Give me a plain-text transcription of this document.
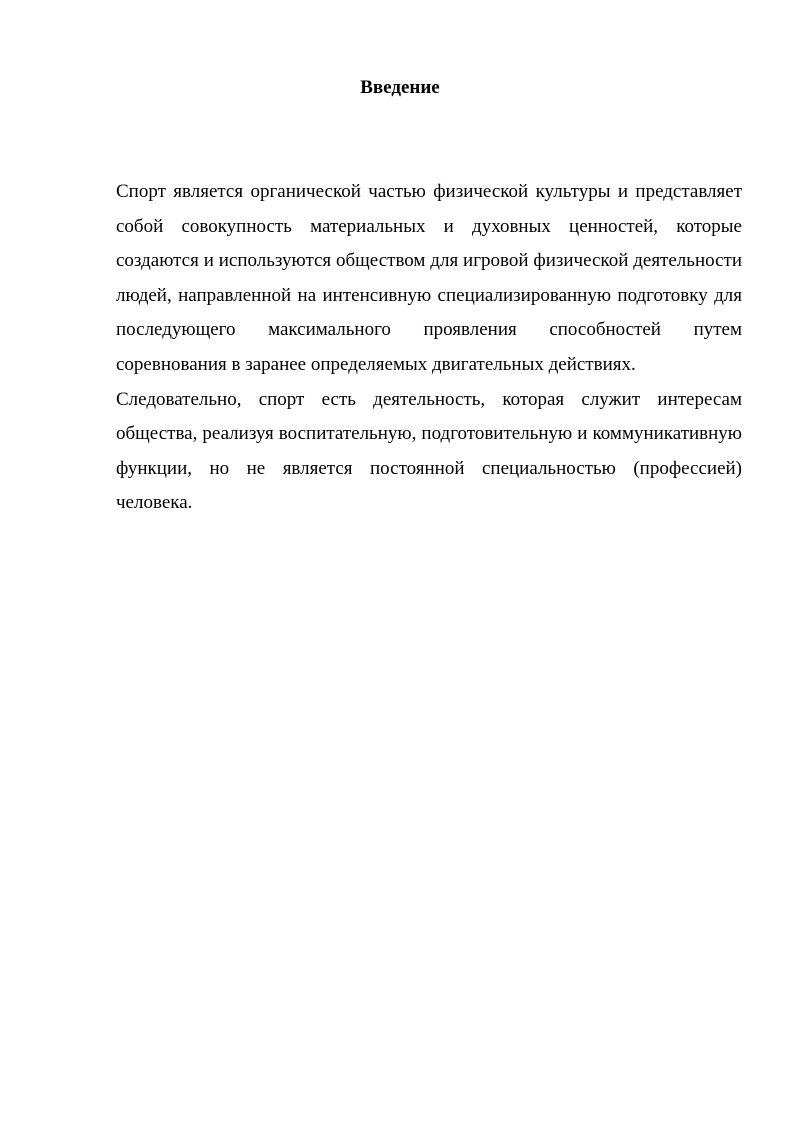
Введение

Спорт является органической частью физической культуры и представляет собой совокупность материальных и духовных ценностей, которые создаются и используются обществом для игровой физической деятельности людей, направленной на интенсивную специализированную подготовку для последующего максимального проявления способностей путем соревнования в заранее определяемых двигательных действиях.

Следовательно, спорт есть деятельность, которая служит интересам общества, реализуя воспитательную, подготовительную и коммуникативную функции, но не является постоянной специальностью (профессией) человека.
